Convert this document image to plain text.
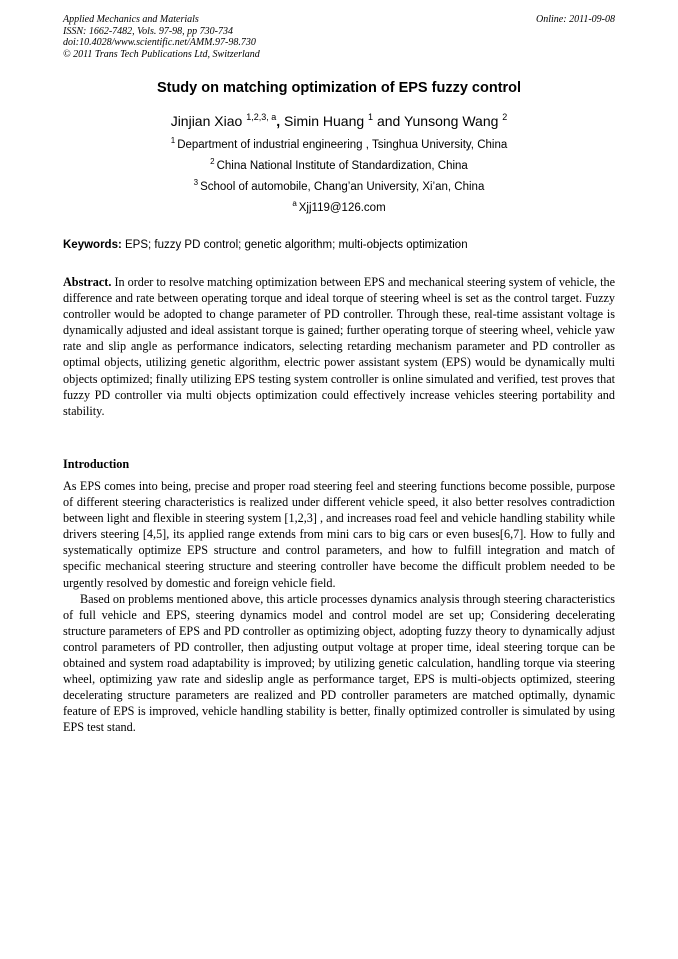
Applied Mechanics and Materials
ISSN: 1662-7482, Vols. 97-98, pp 730-734
doi:10.4028/www.scientific.net/AMM.97-98.730
© 2011 Trans Tech Publications Ltd, Switzerland
Online: 2011-09-08
Study on matching optimization of EPS fuzzy control
Jinjian Xiao $^{1,2,3, a}$, Simin Huang $^1$ and Yunsong Wang $^2$
$^1$ Department of industrial engineering , Tsinghua University, China
$^2$ China National Institute of Standardization, China
$^3$ School of automobile, Chang’an University, Xi’an, China
$^a$ Xjj119@126.com
Keywords: EPS; fuzzy PD control; genetic algorithm; multi-objects optimization
Abstract. In order to resolve matching optimization between EPS and mechanical steering system of vehicle, the difference and rate between operating torque and ideal torque of steering wheel is set as the control target. Fuzzy controller would be adopted to change parameter of PD controller. Through these, real-time assistant voltage is dynamically adjusted and ideal assistant torque is gained; further operating torque of steering wheel, vehicle yaw rate and slip angle as performance indicators, selecting retarding mechanism parameter and PD controller as optimal objects, utilizing genetic algorithm, electric power assistant system (EPS) would be dynamically multi objects optimized; finally utilizing EPS testing system controller is online simulated and verified, test proves that fuzzy PD controller via multi objects optimization could effectively increase vehicles steering portability and stability.
Introduction

As EPS comes into being, precise and proper road steering feel and steering functions become possible, purpose of different steering characteristics is realized under different vehicle speed, it also better resolves contradiction between light and flexible in steering system [1,2,3] , and increases road feel and vehicle handling stability while drivers steering [4,5], its applied range extends from mini cars to big cars or even buses[6,7]. How to fully and systematically optimize EPS structure and control parameters, and how to fulfill integration and match of specific mechanical steering structure and steering controller have become the difficult problem needed to be urgently resolved by domestic and foreign vehicle field.

Based on problems mentioned above, this article processes dynamics analysis through steering characteristics of full vehicle and EPS, steering dynamics model and control model are set up; Considering decelerating structure parameters of EPS and PD controller as optimizing object, adopting fuzzy theory to dynamically adjust control parameters of PD controller, then adjusting output voltage at proper time, ideal steering torque can be obtained and system road adaptability is improved; by utilizing genetic calculation, handling torque via steering wheel, optimizing yaw rate and sideslip angle as performance target, EPS is multi-objects optimized, steering decelerating structure parameters are realized and PD controller parameters are matched optimally, dynamic feature of EPS is improved, vehicle handling stability is better, finally optimized controller is simulated by using EPS test stand.
